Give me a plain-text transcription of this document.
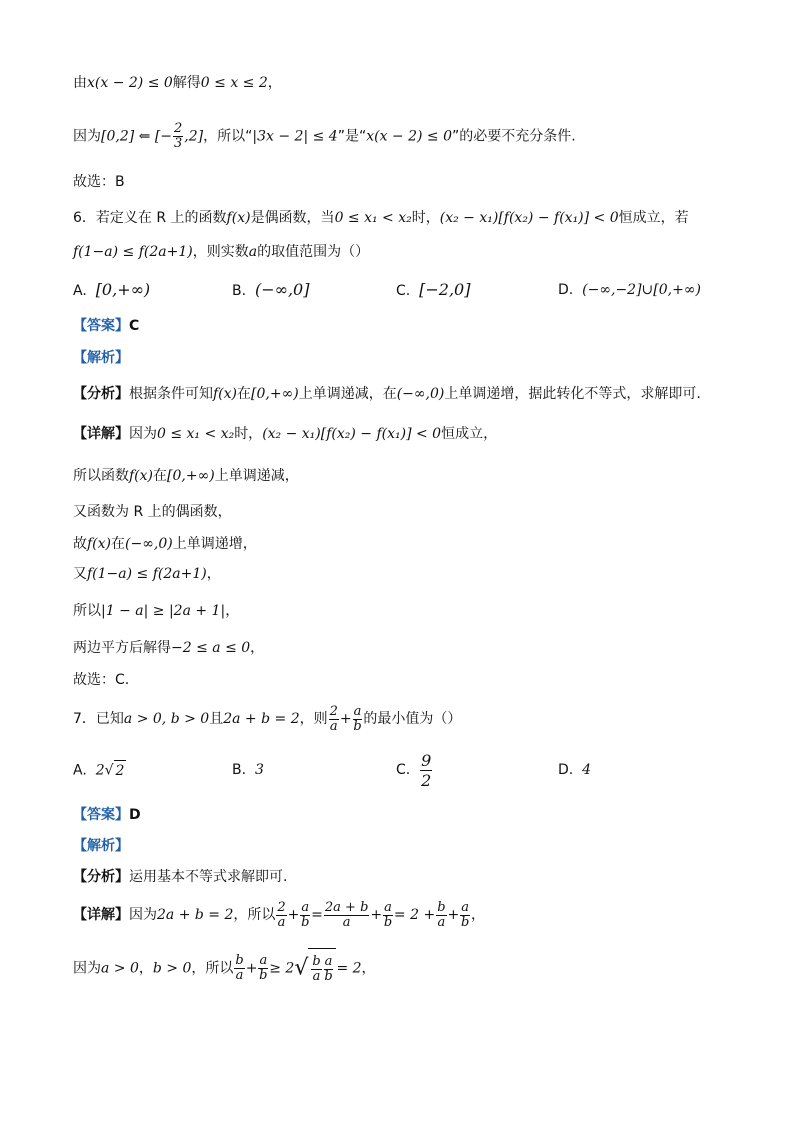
由x(x − 2) ≤ 0解得0 ≤ x ≤ 2，
因为[0,2] ⇐ [− $\frac{2}{3} ,2$]，所以“|3x − 2| ≤ 4”是“x(x − 2) ≤ 0”的必要不充分条件.
故选：B
6．若定义在 R 上的函数f(x)是偶函数，当0 ≤ x₁ < x₂时，(x₂ − x₁)[f(x₂) − f(x₁)] < 0恒成立，若
f(1−a) ≤ f(2a+1)，则实数a的取值范围为（）
A. [0,+∞)	B. (−∞,0]	C. [−2,0]	D. (−∞,−2]∪[0,+∞)
【答案】C
【解析】
【分析】根据条件可知f(x)在[0,+∞)上单调递减，在(−∞,0)上单调递增，据此转化不等式，求解即可.
【详解】因为0 ≤ x₁ < x₂时，(x₂ − x₁)[f(x₂) − f(x₁)] < 0恒成立，
所以函数f(x)在[0,+∞)上单调递减，
又函数为 R 上的偶函数，
故f(x)在(−∞,0)上单调递增，
又f(1−a) ≤ f(2a+1)，
所以|1 − a| ≥ |2a + 1|，
两边平方后解得−2 ≤ a ≤ 0，
故选：C.
7．已知a > 0, b > 0且2a + b = 2，则 $\frac{2}{a} + \frac{a}{b}$ 的最小值为（）
A. 2√ 2	B. 3	C. $\frac{9}{2}$	D. 4
【答案】D
【解析】
【分析】运用基本不等式求解即可.
【详解】因为2a + b = 2，所以 $\frac{2}{a} + \frac{a}{b} = \frac{2a + b}{a} + \frac{a}{b} = 2 + \frac{b}{a} + \frac{a}{b}$ ，
因为a > 0，b > 0，所以 $\frac{b}{a} + \frac{a}{b} \ge 2√ \frac{b}{a} \frac{a}{b} = 2$，
